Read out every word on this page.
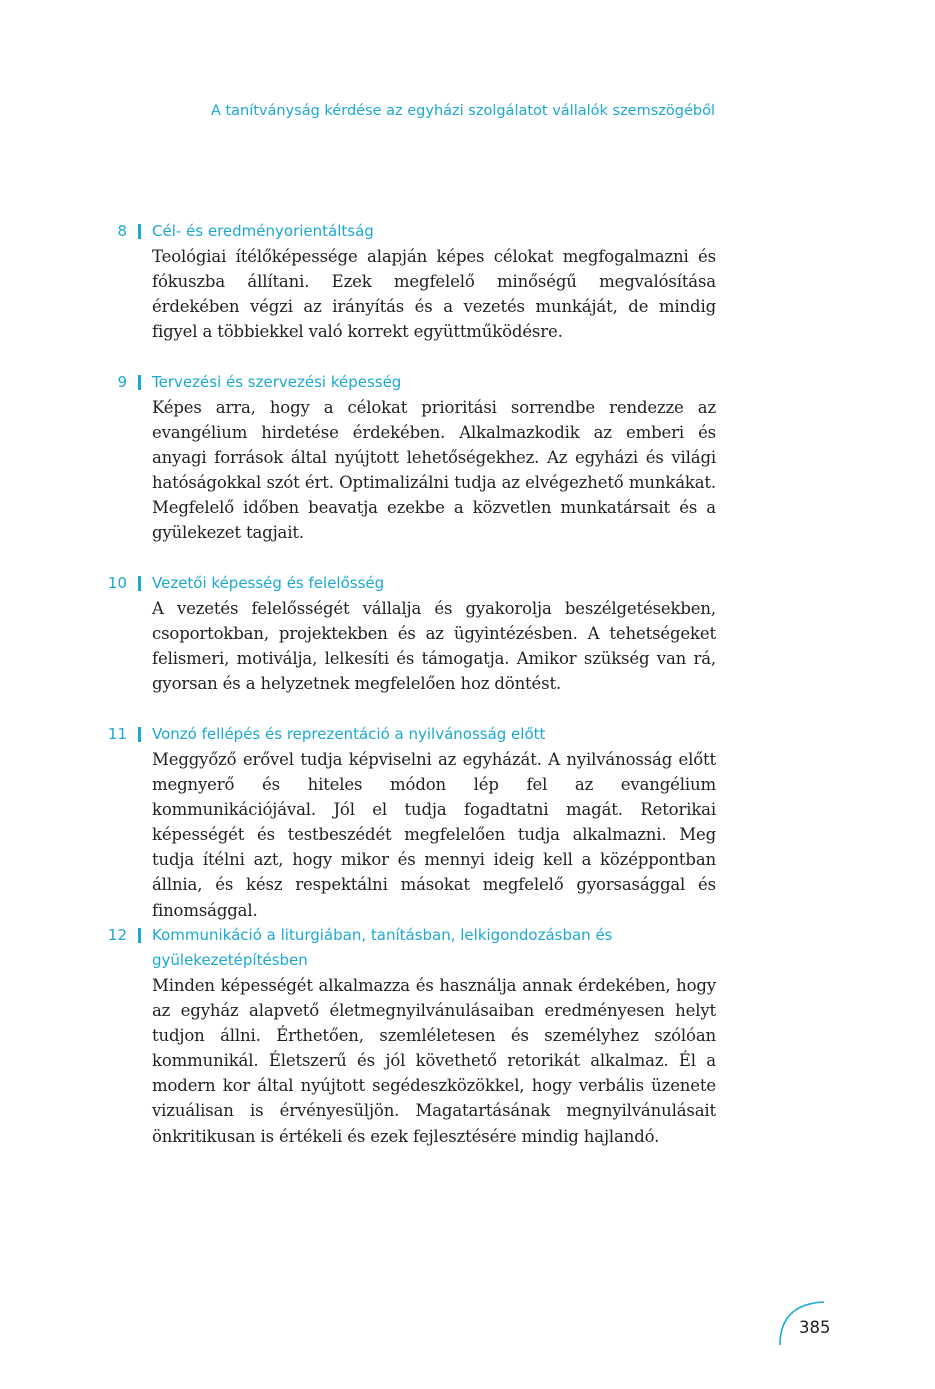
A tanítványság kérdése az egyházi szolgálatot vállalók szemszögéből
8 Cél- és eredményorientáltság
Teológiai ítélőképessége alapján képes célokat megfogalmazni és fókuszba állítani. Ezek megfelelő minőségű megvalósítása érdekében végzi az irányítás és a vezetés munkáját, de mindig figyel a többiekkel való korrekt együttműködésre.
9 Tervezési és szervezési képesség
Képes arra, hogy a célokat prioritási sorrendbe rendezze az evangélium hirdetése érdekében. Alkalmazkodik az emberi és anyagi források által nyújtott lehetőségekhez. Az egyházi és világi hatóságokkal szót ért. Optimalizálni tudja az elvégezhető munkákat. Megfelelő időben beavatja ezekbe a közvetlen munkatársait és a gyülekezet tagjait.
10 Vezetői képesség és felelősség
A vezetés felelősségét vállalja és gyakorolja beszélgetésekben, csoportokban, projektekben és az ügyintézésben. A tehetségeket felismeri, motiválja, lelkesíti és támogatja. Amikor szükség van rá, gyorsan és a helyzetnek megfelelően hoz döntést.
11 Vonzó fellépés és reprezentáció a nyilvánosság előtt
Meggyőző erővel tudja képviselni az egyházát. A nyilvánosság előtt megnyerő és hiteles módon lép fel az evangélium kommunikációjával. Jól el tudja fogadtatni magát. Retorikai képességét és testbeszédét megfelelően tudja alkalmazni. Meg tudja ítélni azt, hogy mikor és mennyi ideig kell a középpontban állnia, és kész respektálni másokat megfelelő gyorsasággal és finomsággal.
12 Kommunikáció a liturgiában, tanításban, lelkigondozásban és gyülekezetépítésben
Minden képességét alkalmazza és használja annak érdekében, hogy az egyház alapvető életmegnyilvánulásaiban eredményesen helyt tudjon állni. Érthetően, szemléletesen és személyhez szólóan kommunikál. Életszerű és jól követhető retorikát alkalmaz. Él a modern kor által nyújtott segédeszközökkel, hogy verbális üzenete vizuálisan is érvényesüljön. Magatartásának megnyilvánulásait önkritikusan is értékeli és ezek fejlesztésére mindig hajlandó.
385
